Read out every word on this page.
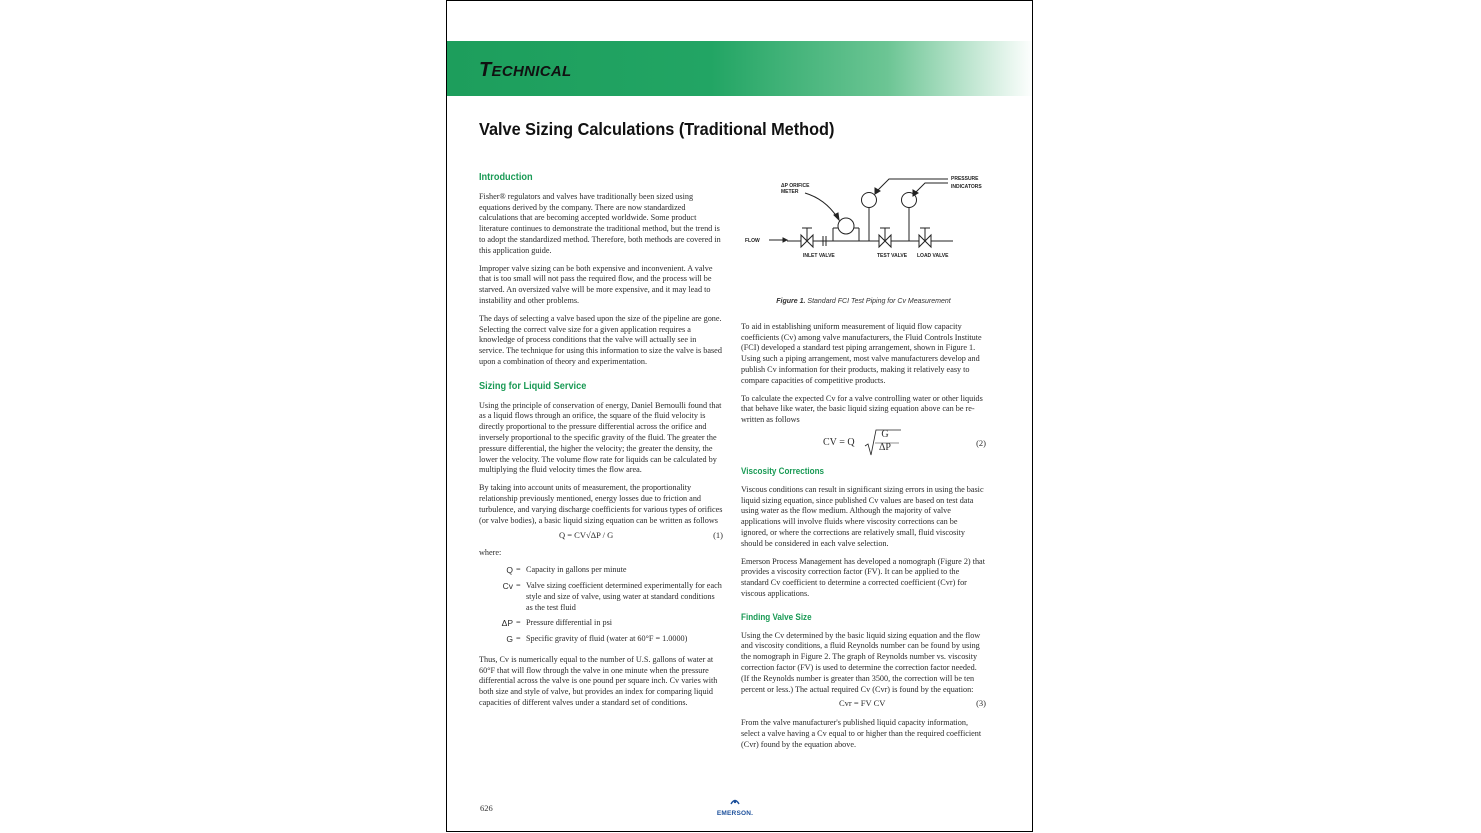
TECHNICAL
Valve Sizing Calculations (Traditional Method)
Introduction

Fisher® regulators and valves have traditionally been sized using equations derived by the company. There are now standardized calculations that are becoming accepted worldwide. Some product literature continues to demonstrate the traditional method, but the trend is to adopt the standardized method. Therefore, both methods are covered in this application guide.

Improper valve sizing can be both expensive and inconvenient. A valve that is too small will not pass the required flow, and the process will be starved. An oversized valve will be more expensive, and it may lead to instability and other problems.

The days of selecting a valve based upon the size of the pipeline are gone. Selecting the correct valve size for a given application requires a knowledge of process conditions that the valve will actually see in service. The technique for using this information to size the valve is based upon a combination of theory and experimentation.

Sizing for Liquid Service

Using the principle of conservation of energy, Daniel Bernoulli found that as a liquid flows through an orifice, the square of the fluid velocity is directly proportional to the pressure differential across the orifice and inversely proportional to the specific gravity of the fluid. The greater the pressure differential, the higher the velocity; the greater the density, the lower the velocity. The volume flow rate for liquids can be calculated by multiplying the fluid velocity times the flow area.

By taking into account units of measurement, the proportionality relationship previously mentioned, energy losses due to friction and turbulence, and varying discharge coefficients for various types of orifices (or valve bodies), a basic liquid sizing equation can be written as follows

Q = CV√ΔP / G	(1)
where:
Q = Capacity in gallons per minute
Cv = Valve sizing coefficient determined experimentally for each style and size of valve, using water at standard conditions as the test fluid
ΔP = Pressure differential in psi
G = Specific gravity of fluid (water at 60°F = 1.0000)

Thus, Cv is numerically equal to the number of U.S. gallons of water at 60°F that will flow through the valve in one minute when the pressure differential across the valve is one pound per square inch. Cv varies with both size and style of valve, but provides an index for comparing liquid capacities of different valves under a standard set of conditions.

ΔP ORIFICE
METER
PRESSURE
INDICATORS
FLOW
INLET VALVE	TEST VALVE LOAD VALVE
Figure 1. Standard FCI Test Piping for Cv Measurement

To aid in establishing uniform measurement of liquid flow capacity coefficients (Cv) among valve manufacturers, the Fluid Controls Institute (FCI) developed a standard test piping arrangement, shown in Figure 1. Using such a piping arrangement, most valve manufacturers develop and publish Cv information for their products, making it relatively easy to compare capacities of competitive products.

To calculate the expected Cv for a valve controlling water or other liquids that behave like water, the basic liquid sizing equation above can be re-written as follows

CV = Q
G
ΔP	(2)
Viscosity Corrections

Viscous conditions can result in significant sizing errors in using the basic liquid sizing equation, since published Cv values are based on test data using water as the flow medium. Although the majority of valve applications will involve fluids where viscosity corrections can be ignored, or where the corrections are relatively small, fluid viscosity should be considered in each valve selection.

Emerson Process Management has developed a nomograph (Figure 2) that provides a viscosity correction factor (FV). It can be applied to the standard Cv coefficient to determine a corrected coefficient (Cvr) for viscous applications.

Finding Valve Size

Using the Cv determined by the basic liquid sizing equation and the flow and viscosity conditions, a fluid Reynolds number can be found by using the nomograph in Figure 2. The graph of Reynolds number vs. viscosity correction factor (FV) is used to determine the correction factor needed. (If the Reynolds number is greater than 3500, the correction will be ten percent or less.) The actual required Cv (Cvr) is found by the equation:

Cvr = FV CV	(3)

From the valve manufacturer's published liquid capacity information, select a valve having a Cv equal to or higher than the required coefficient (Cvr) found by the equation above.

626
EMERSON.
